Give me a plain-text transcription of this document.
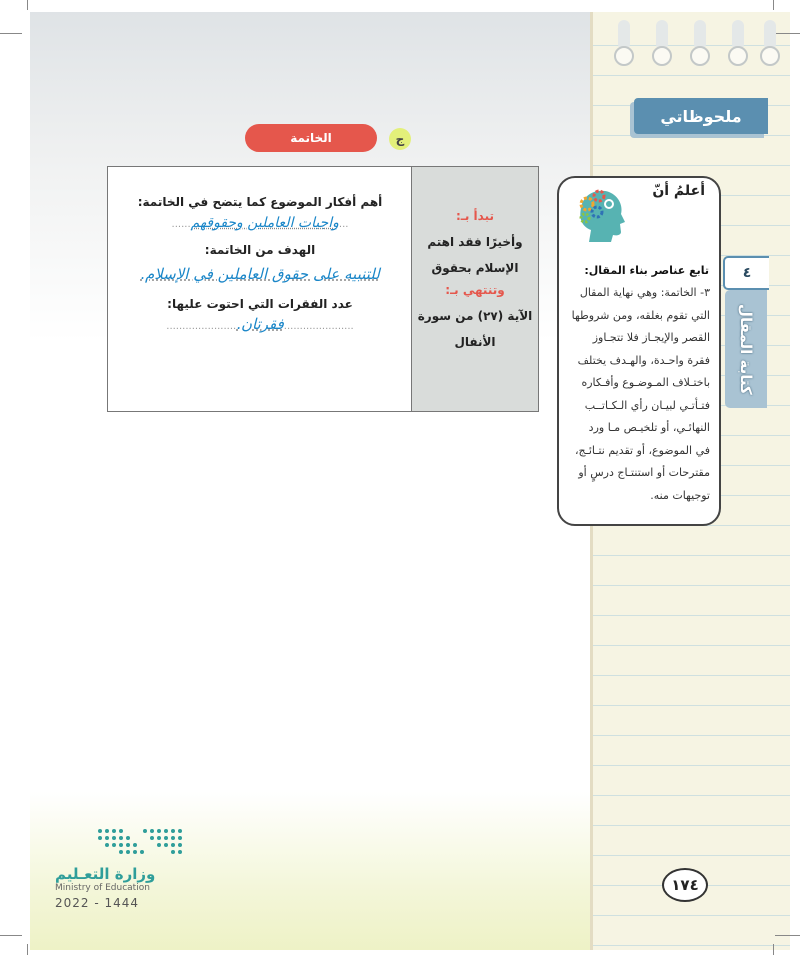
ملحوظاتي
٤
كتابة المقال
أعلمُ أنّ
تابع عناصر بناء المقال:
٣- الخاتمة: وهي نهاية المقال
التي تقوم بغلقه، ومن شروطها
القصر والإيجـاز فلا تتجـاوز
فقرة واحـدة، والهـدف يختلف
باختـلاف المـوضـوع وأفـكاره
فتـأتـي لبيـان رأي الـكـاتــب
النهائـي، أو تلخيـص مـا ورد
في الموضوع، أو تقديم نتـائـج،
مقترحات أو استنتـاج درسٍ أو
توجيهات منه.
الخاتمة	ج
تبدأ بـ:
وأخيرًا فقد اهتم
الإسلام بحقوق
وتنتهي بـ:
الآية (٢٧) من سورة
الأنفال
أهم أفكار الموضوع كما يتضح في الخاتمة:
...واجبات العاملين وحقوقهم......
الهدف من الخاتمة:
للتنبيه على حقوق العاملين في الإسلام.
عدد الفقرات التي احتوت عليها:
......................فقرتان.......................
وزارة التعـليم
Ministry of Education
2022 - 1444
١٧٤
